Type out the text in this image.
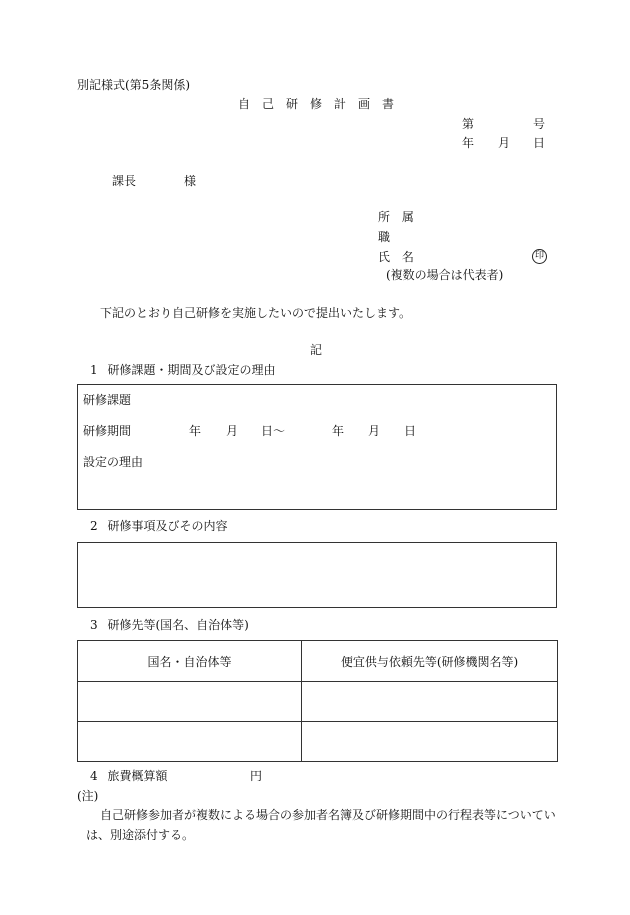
別記様式(第5条関係)
自己研修計画書
第	号
年 月 日
課長	様
所 属
職
氏 名	印
(複数の場合は代表者)
下記のとおり自己研修を実施したいので提出いたします。
記
1 研修課題・期間及び設定の理由
研修課題
研修期間	年 月 日〜	年 月 日
設定の理由
2 研修事項及びその内容
3 研修先等(国名、自治体等)
国名・自治体等	便宜供与依頼先等(研修機関名等)

4 旅費概算額	円
(注)
自己研修参加者が複数による場合の参加者名簿及び研修期間中の行程表等についてい
は、別途添付する。
